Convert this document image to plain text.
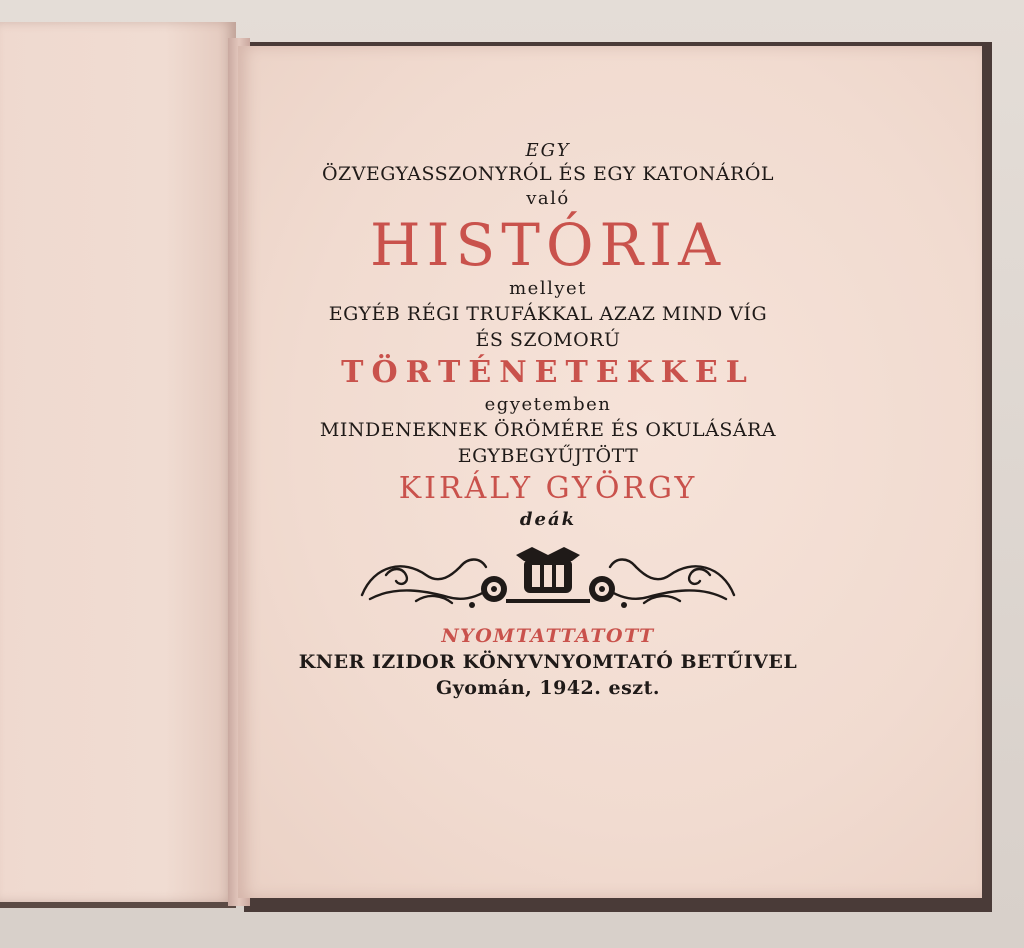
EGY
ÖZVEGYASSZONYRÓL ÉS EGY KATONÁRÓL
való
HISTÓRIA
mellyet
EGYÉB RÉGI TRUFÁKKAL AZAZ MIND VÍG
ÉS SZOMORÚ
TÖRTÉNETEKKEL
egyetemben
MINDENEKNEK ÖRÖMÉRE ÉS OKULÁSÁRA
EGYBEGYŰJTÖTT
KIRÁLY GYÖRGY
deák
NYOMTATTATOTT
KNER IZIDOR KÖNYVNYOMTATÓ BETŰIVEL
Gyomán, 1942. eszt.
